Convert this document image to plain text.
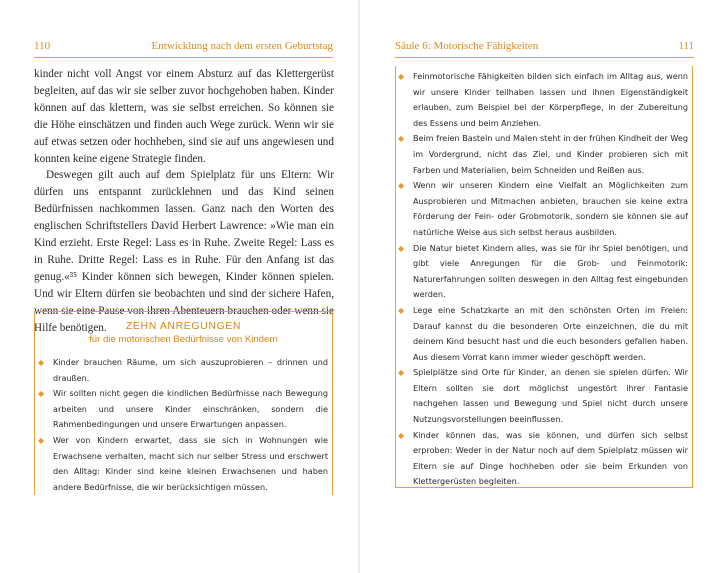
110	Entwicklung nach dem ersten Geburtstag

kinder nicht voll Angst vor einem Absturz auf das Klettergerüst begleiten, auf das wir sie selber zuvor hochgehoben haben. Kinder können auf das klettern, was sie selbst erreichen. So können sie die Höhe einschätzen und finden auch Wege zurück. Wenn wir sie auf etwas setzen oder hochheben, sind sie auf uns angewiesen und konnten keine eigene Strategie finden.

Deswegen gilt auch auf dem Spielplatz für uns Eltern: Wir dürfen uns entspannt zurücklehnen und das Kind seinen Bedürfnissen nachkommen lassen. Ganz nach den Worten des englischen Schriftstellers David Herbert Lawrence: »Wie man ein Kind erzieht. Erste Regel: Lass es in Ruhe. Zweite Regel: Lass es in Ruhe. Dritte Regel: Lass es in Ruhe. Für den Anfang ist das genug.«³⁵ Kinder können sich bewegen, Kinder können spielen. Und wir Eltern dürfen sie beobachten und sind der sichere Hafen, wenn sie eine Pause von ihren Abenteuern brauchen oder wenn sie Hilfe benötigen.	ZEHN ANREGUNGEN
für die motorischen Bedürfnisse von Kindern
◆ Kinder brauchen Räume, um sich auszuprobieren – drinnen und draußen.
◆ Wir sollten nicht gegen die kindlichen Bedürfnisse nach Bewegung arbeiten und unsere Kinder einschränken, sondern die Rahmenbedingungen und unsere Erwartungen anpassen.
◆ Wer von Kindern erwartet, dass sie sich in Wohnungen wie Erwachsene verhalten, macht sich nur selber Stress und erschwert den Alltag: Kinder sind keine kleinen Erwachsenen und haben andere Bedürfnisse, die wir berücksichtigen müssen.
Säule 6: Motorische Fähigkeiten	111
◆ Feinmotorische Fähigkeiten bilden sich einfach im Alltag aus, wenn wir unsere Kinder teilhaben lassen und ihnen Eigenständigkeit erlauben, zum Beispiel bei der Körperpflege, in der Zubereitung des Essens und beim Anziehen.
◆ Beim freien Basteln und Malen steht in der frühen Kindheit der Weg im Vordergrund, nicht das Ziel, und Kinder probieren sich mit Farben und Materialien, beim Schneiden und Reißen aus.
◆ Wenn wir unseren Kindern eine Vielfalt an Möglichkeiten zum Ausprobieren und Mitmachen anbieten, brauchen sie keine extra Förderung der Fein- oder Grobmotorik, sondern sie können sie auf natürliche Weise aus sich selbst heraus ausbilden.
◆ Die Natur bietet Kindern alles, was sie für ihr Spiel benötigen, und gibt viele Anregungen für die Grob- und Feinmotorik: Naturerfahrungen sollten deswegen in den Alltag fest eingebunden werden.
◆ Lege eine Schatzkarte an mit den schönsten Orten im Freien: Darauf kannst du die besonderen Orte einzeichnen, die du mit deinem Kind besucht hast und die euch besonders gefallen haben. Aus diesem Vorrat kann immer wieder geschöpft werden.
◆ Spielplätze sind Orte für Kinder, an denen sie spielen dürfen. Wir Eltern sollten sie dort möglichst ungestört ihrer Fantasie nachgehen lassen und Bewegung und Spiel nicht durch unsere Nutzungsvorstellungen beeinflussen.
◆ Kinder können das, was sie können, und dürfen sich selbst erproben: Weder in der Natur noch auf dem Spielplatz müssen wir Eltern sie auf Dinge hochheben oder sie beim Erkunden von Klettergerüsten begleiten.
